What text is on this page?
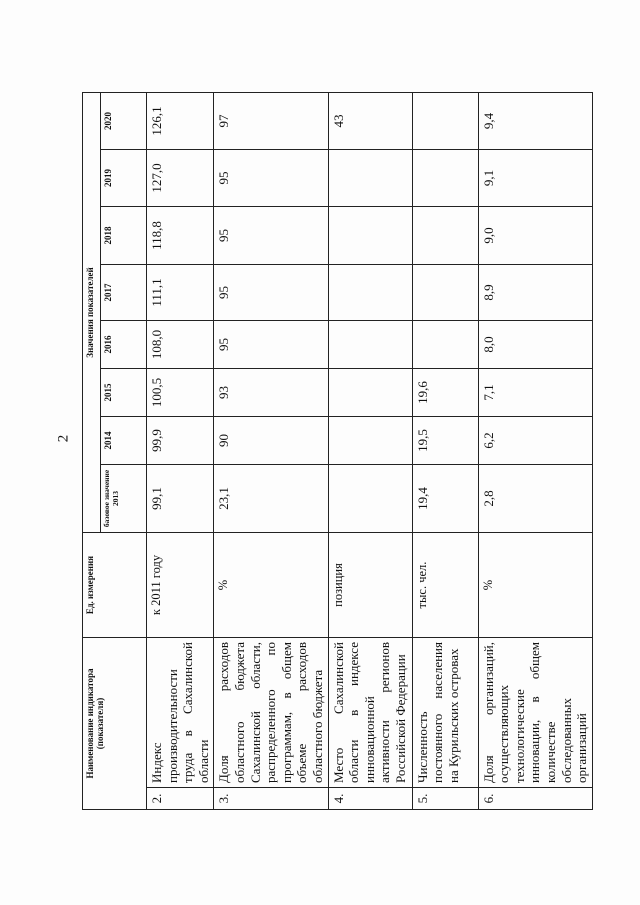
2
Наименование индикатора (показателя)		Ед. измерения	Значения показателей							
			базовое значение 2013	2014	2015	2016	2017	2018	2019	2020
2.	Индекс производительности труда в Сахалинской области	к 2011 году	99,1	99,9	100,5	108,0	111,1	118,8	127,0	126,1
3.	Доля расходов областного бюджета Сахалинской области, распределенного по программам, в общем объеме расходов областного бюджета	%	23,1	90	93	95	95	95	95	97
4.	Место Сахалинской области в индексе инновационной активности регионов Российской Федерации	позиция								43
5.	Численность постоянного населения на Курильских островах	тыс. чел.	19,4	19,5	19,6					
6.	Доля организаций, осуществляющих технологические инновации, в общем количестве обследованных организаций	%	2,8	6,2	7,1	8,0	8,9	9,0	9,1	9,4
